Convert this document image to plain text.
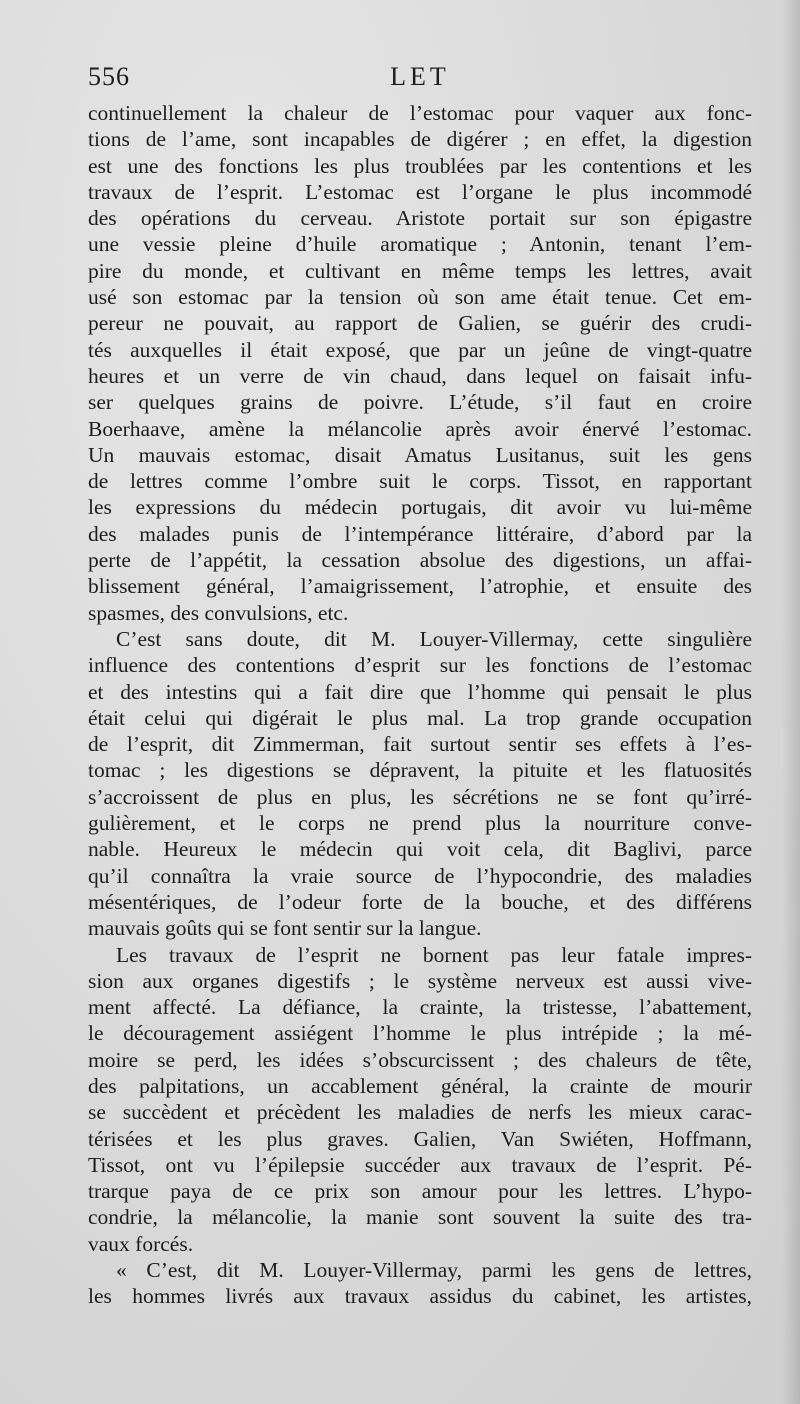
556	LET

continuellement la chaleur de l’estomac pour vaquer aux fonc-
tions de l’ame, sont incapables de digérer ; en effet, la digestion
est une des fonctions les plus troublées par les contentions et les
travaux de l’esprit. L’estomac est l’organe le plus incommodé
des opérations du cerveau. Aristote portait sur son épigastre
une vessie pleine d’huile aromatique ; Antonin, tenant l’em-
pire du monde, et cultivant en même temps les lettres, avait
usé son estomac par la tension où son ame était tenue. Cet em-
pereur ne pouvait, au rapport de Galien, se guérir des crudi-
tés auxquelles il était exposé, que par un jeûne de vingt-quatre
heures et un verre de vin chaud, dans lequel on faisait infu-
ser quelques grains de poivre. L’étude, s’il faut en croire
Boerhaave, amène la mélancolie après avoir énervé l’estomac.
Un mauvais estomac, disait Amatus Lusitanus, suit les gens
de lettres comme l’ombre suit le corps. Tissot, en rapportant
les expressions du médecin portugais, dit avoir vu lui-même
des malades punis de l’intempérance littéraire, d’abord par la
perte de l’appétit, la cessation absolue des digestions, un affai-
blissement général, l’amaigrissement, l’atrophie, et ensuite des
spasmes, des convulsions, etc.

C’est sans doute, dit M. Louyer-Villermay, cette singulière
influence des contentions d’esprit sur les fonctions de l’estomac
et des intestins qui a fait dire que l’homme qui pensait le plus
était celui qui digérait le plus mal. La trop grande occupation
de l’esprit, dit Zimmerman, fait surtout sentir ses effets à l’es-
tomac ; les digestions se dépravent, la pituite et les flatuosités
s’accroissent de plus en plus, les sécrétions ne se font qu’irré-
gulièrement, et le corps ne prend plus la nourriture conve-
nable. Heureux le médecin qui voit cela, dit Baglivi, parce
qu’il connaîtra la vraie source de l’hypocondrie, des maladies
mésentériques, de l’odeur forte de la bouche, et des différens
mauvais goûts qui se font sentir sur la langue.

Les travaux de l’esprit ne bornent pas leur fatale impres-
sion aux organes digestifs ; le système nerveux est aussi vive-
ment affecté. La défiance, la crainte, la tristesse, l’abattement,
le découragement assiégent l’homme le plus intrépide ; la mé-
moire se perd, les idées s’obscurcissent ; des chaleurs de tête,
des palpitations, un accablement général, la crainte de mourir
se succèdent et précèdent les maladies de nerfs les mieux carac-
térisées et les plus graves. Galien, Van Swiéten, Hoffmann,
Tissot, ont vu l’épilepsie succéder aux travaux de l’esprit. Pé-
trarque paya de ce prix son amour pour les lettres. L’hypo-
condrie, la mélancolie, la manie sont souvent la suite des tra-
vaux forcés.

« C’est, dit M. Louyer-Villermay, parmi les gens de lettres,
les hommes livrés aux travaux assidus du cabinet, les artistes,
